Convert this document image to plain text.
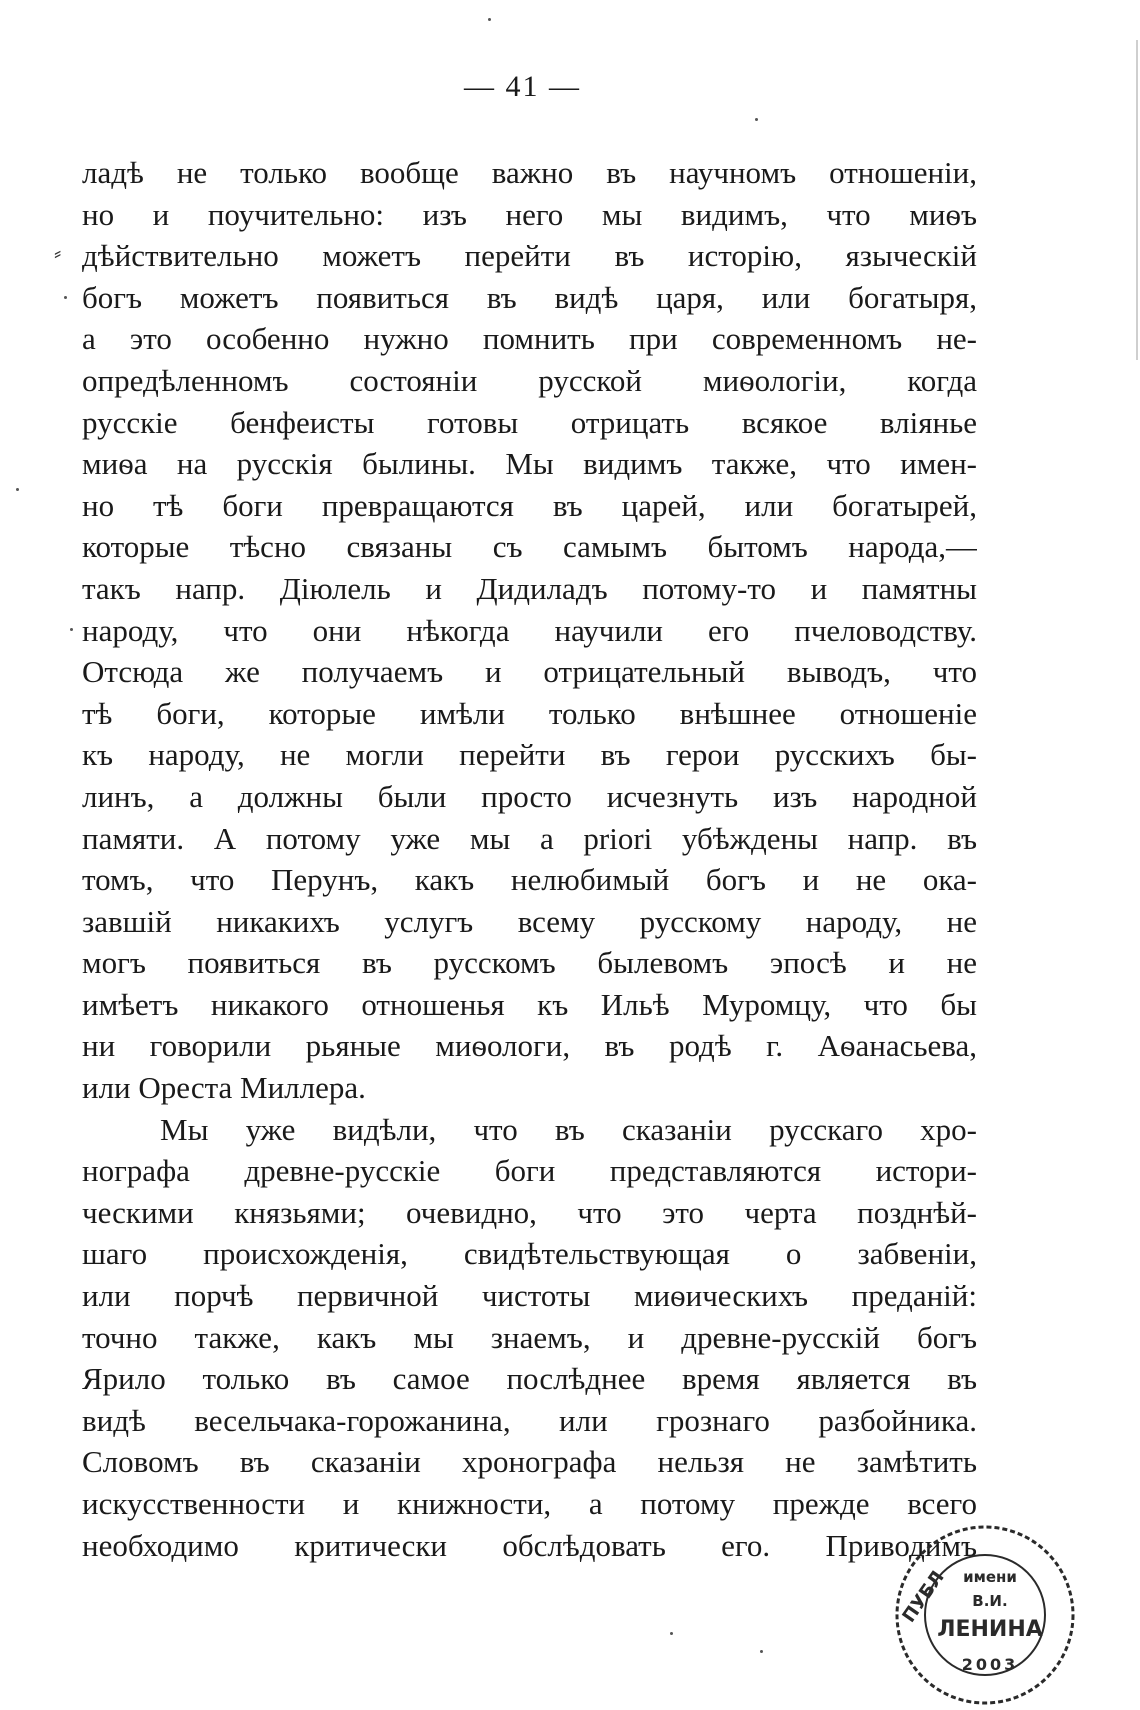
— 41 —
⸗
ладѣ не только вообще важно въ научномъ отношеніи,
но и поучительно: изъ него мы видимъ, что миѳъ
дѣйствительно можетъ перейти въ исторію, языческій
богъ можетъ появиться въ видѣ царя, или богатыря,
а это особенно нужно помнить при современномъ не-
опредѣленномъ состояніи русской миѳологіи, когда
русскіе бенфеисты готовы отрицать всякое вліянье
миѳа на русскія былины. Мы видимъ также, что имен-
но тѣ боги превращаются въ царей, или богатырей,
которые тѣсно связаны съ самымъ бытомъ народа,—
такъ напр. Діюлель и Дидиладъ потому-то и памятны
народу, что они нѣкогда научили его пчеловодству.
Отсюда же получаемъ и отрицательный выводъ, что
тѣ боги, которые имѣли только внѣшнее отношеніе
къ народу, не могли перейти въ герои русскихъ бы-
линъ, а должны были просто исчезнуть изъ народной
памяти. А потому уже мы a priori убѣждены напр. въ
томъ, что Перунъ, какъ нелюбимый богъ и не ока-
завшій никакихъ услугъ всему русскому народу, не
могъ появиться въ русскомъ былевомъ эпосѣ и не
имѣетъ никакого отношенья къ Ильѣ Муромцу, что бы
ни говорили рьяные миѳологи, въ родѣ г. Аѳанасьева,
или Ореста Миллера.
Мы уже видѣли, что въ сказаніи русскаго хро-
нографа древне-русскіе боги представляются истори-
ческими князьями; очевидно, что это черта позднѣй-
шаго происхожденія, свидѣтельствующая о забвеніи,
или порчѣ первичной чистоты миѳическихъ преданій:
точно также, какъ мы знаемъ, и древне-русскій богъ
Ярило только въ самое послѣднее время является въ
видѣ весельчака-горожанина, или грознаго разбойника.
Словомъ въ сказаніи хронографа нельзя не замѣтить
искусственности и книжности, а потому прежде всего
необходимо критически обслѣдовать его. Приводимъ
ПУБЛ имени
В.И.
ЛЕНИНА
2003
